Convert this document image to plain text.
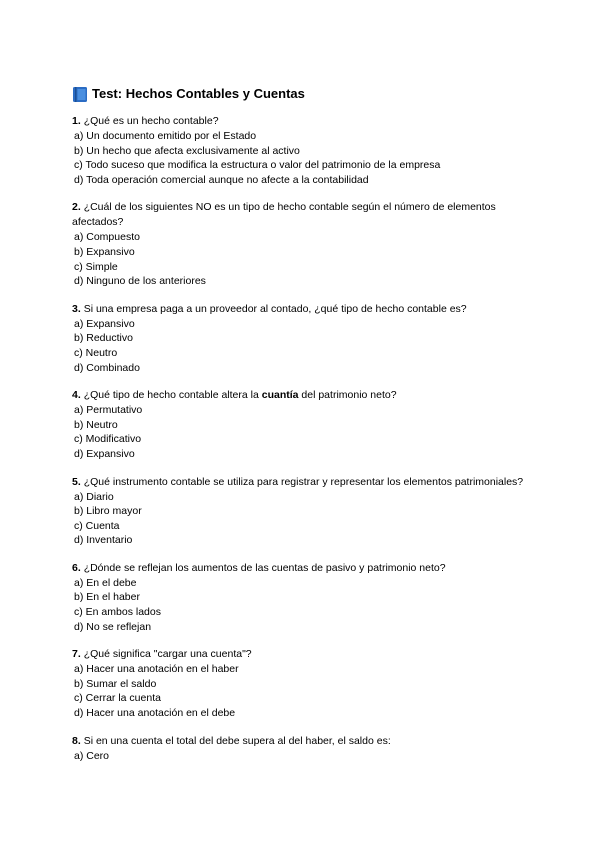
Test: Hechos Contables y Cuentas
1. ¿Qué es un hecho contable?
a) Un documento emitido por el Estado
b) Un hecho que afecta exclusivamente al activo
c) Todo suceso que modifica la estructura o valor del patrimonio de la empresa
d) Toda operación comercial aunque no afecte a la contabilidad
2. ¿Cuál de los siguientes NO es un tipo de hecho contable según el número de elementos afectados?
a) Compuesto
b) Expansivo
c) Simple
d) Ninguno de los anteriores
3. Si una empresa paga a un proveedor al contado, ¿qué tipo de hecho contable es?
a) Expansivo
b) Reductivo
c) Neutro
d) Combinado
4. ¿Qué tipo de hecho contable altera la cuantía del patrimonio neto?
a) Permutativo
b) Neutro
c) Modificativo
d) Expansivo
5. ¿Qué instrumento contable se utiliza para registrar y representar los elementos patrimoniales?
a) Diario
b) Libro mayor
c) Cuenta
d) Inventario
6. ¿Dónde se reflejan los aumentos de las cuentas de pasivo y patrimonio neto?
a) En el debe
b) En el haber
c) En ambos lados
d) No se reflejan
7. ¿Qué significa "cargar una cuenta"?
a) Hacer una anotación en el haber
b) Sumar el saldo
c) Cerrar la cuenta
d) Hacer una anotación en el debe
8. Si en una cuenta el total del debe supera al del haber, el saldo es:
a) Cero
